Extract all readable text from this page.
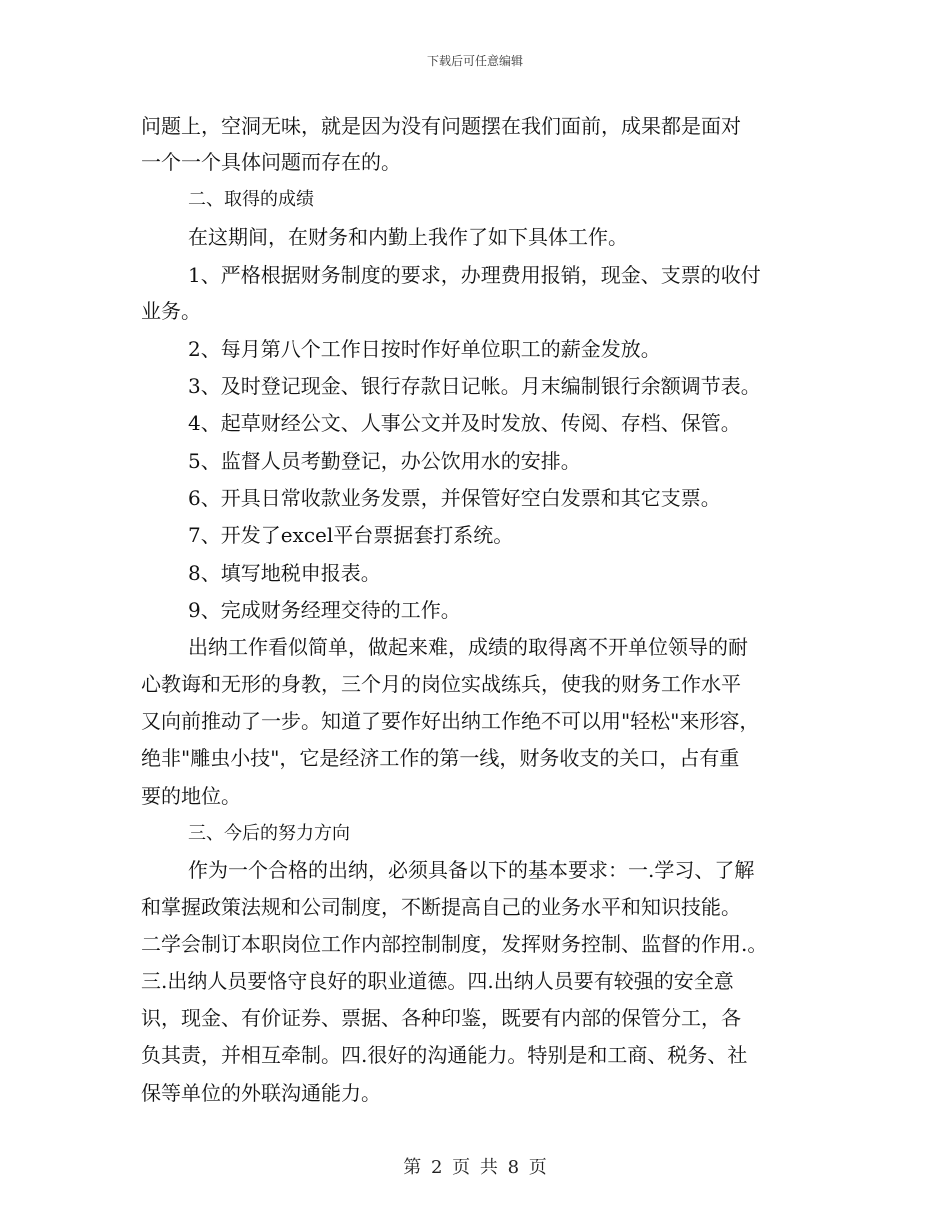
下载后可任意编辑
问题上，空洞无味，就是因为没有问题摆在我们面前，成果都是面对
一个一个具体问题而存在的。
二、取得的成绩
在这期间，在财务和内勤上我作了如下具体工作。
1、严格根据财务制度的要求，办理费用报销，现金、支票的收付
业务。
2、每月第八个工作日按时作好单位职工的薪金发放。
3、及时登记现金、银行存款日记帐。月末编制银行余额调节表。
4、起草财经公文、人事公文并及时发放、传阅、存档、保管。
5、监督人员考勤登记，办公饮用水的安排。
6、开具日常收款业务发票，并保管好空白发票和其它支票。
7、开发了excel平台票据套打系统。
8、填写地税申报表。
9、完成财务经理交待的工作。
出纳工作看似简单，做起来难，成绩的取得离不开单位领导的耐
心教诲和无形的身教，三个月的岗位实战练兵，使我的财务工作水平
又向前推动了一步。知道了要作好出纳工作绝不可以用"轻松"来形容，
绝非"雕虫小技"，它是经济工作的第一线，财务收支的关口，占有重
要的地位。
三、今后的努力方向
作为一个合格的出纳，必须具备以下的基本要求：一.学习、了解
和掌握政策法规和公司制度，不断提高自己的业务水平和知识技能。
二学会制订本职岗位工作内部控制制度，发挥财务控制、监督的作用.。
三.出纳人员要恪守良好的职业道德。四.出纳人员要有较强的安全意
识，现金、有价证券、票据、各种印鉴，既要有内部的保管分工，各
负其责，并相互牵制。四.很好的沟通能力。特别是和工商、税务、社
保等单位的外联沟通能力。
第 2 页 共 8 页
